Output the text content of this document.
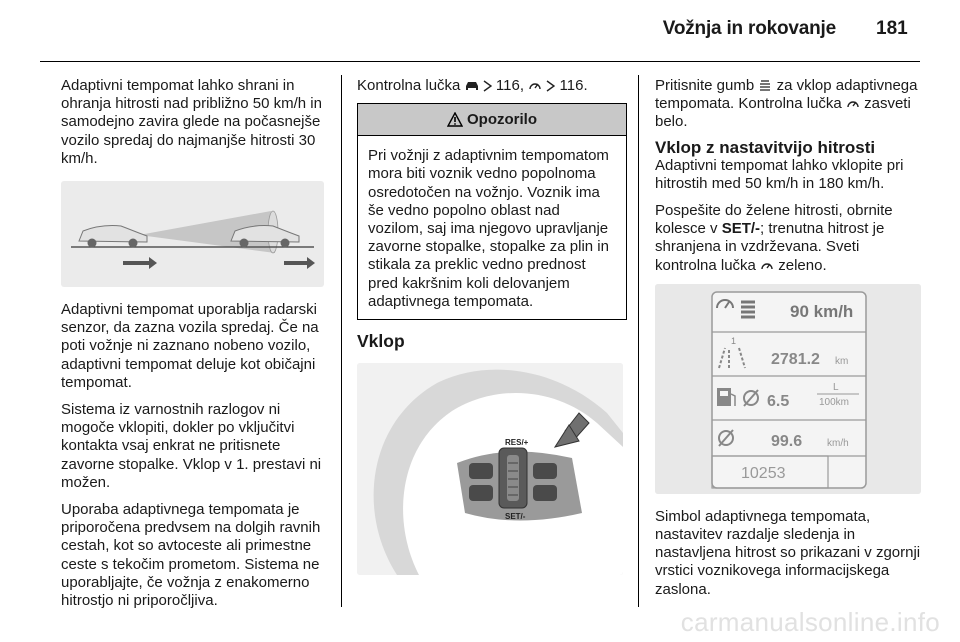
Vožnja in rokovanje 181

Adaptivni tempomat lahko shrani in ohranja hitrosti nad približno 50 km/h in samodejno zavira glede na počasnejše vozilo spredaj do najmanjše hitrosti 30 km/h.

Adaptivni tempomat uporablja radarski senzor, da zazna vozila spredaj. Če na poti vožnje ni zaznano nobeno vozilo, adaptivni tempomat deluje kot običajni tempomat.

Sistema iz varnostnih razlogov ni mogoče vklopiti, dokler po vključitvi kontakta vsaj enkrat ne pritisnete zavorne stopalke. Vklop v 1. prestavi ni možen.

Uporaba adaptivnega tempomata je priporočena predvsem na dolgih ravnih cestah, kot so avtoceste ali primestne ceste s tekočim prometom. Sistema ne uporabljajte, če vožnja z enakomerno hitrostjo ni priporočljiva.

Kontrolna lučka 116, 116.

Opozorilo
Pri vožnji z adaptivnim tempomatom mora biti voznik vedno popolnoma osredotočen na vožnjo. Voznik ima še vedno popolno oblast nad vozilom, saj ima njegovo upravljanje zavorne stopalke, stopalke za plin in stikala za preklic vedno prednost pred kakršnim koli delovanjem adaptivnega tempomata.
Vklop
RES/+
SET/-

Pritisnite gumb za vklop adaptivnega tempomata. Kontrolna lučka zasveti belo.

Vklop z nastavitvijo hitrosti

Adaptivni tempomat lahko vklopite pri hitrostih med 50 km/h in 180 km/h.

Pospešite do želene hitrosti, obrnite kolesce v SET/-; trenutna hitrost je shranjena in vzdrževana. Sveti kontrolna lučka zeleno.

90 km/h
1
2781.2 km
6.5
L
100km
99.6 km/h
10253

Simbol adaptivnega tempomata, nastavitev razdalje sledenja in nastavljena hitrost so prikazani v zgornji vrstici voznikovega informacijskega zaslona.

carmanualsonline.info
